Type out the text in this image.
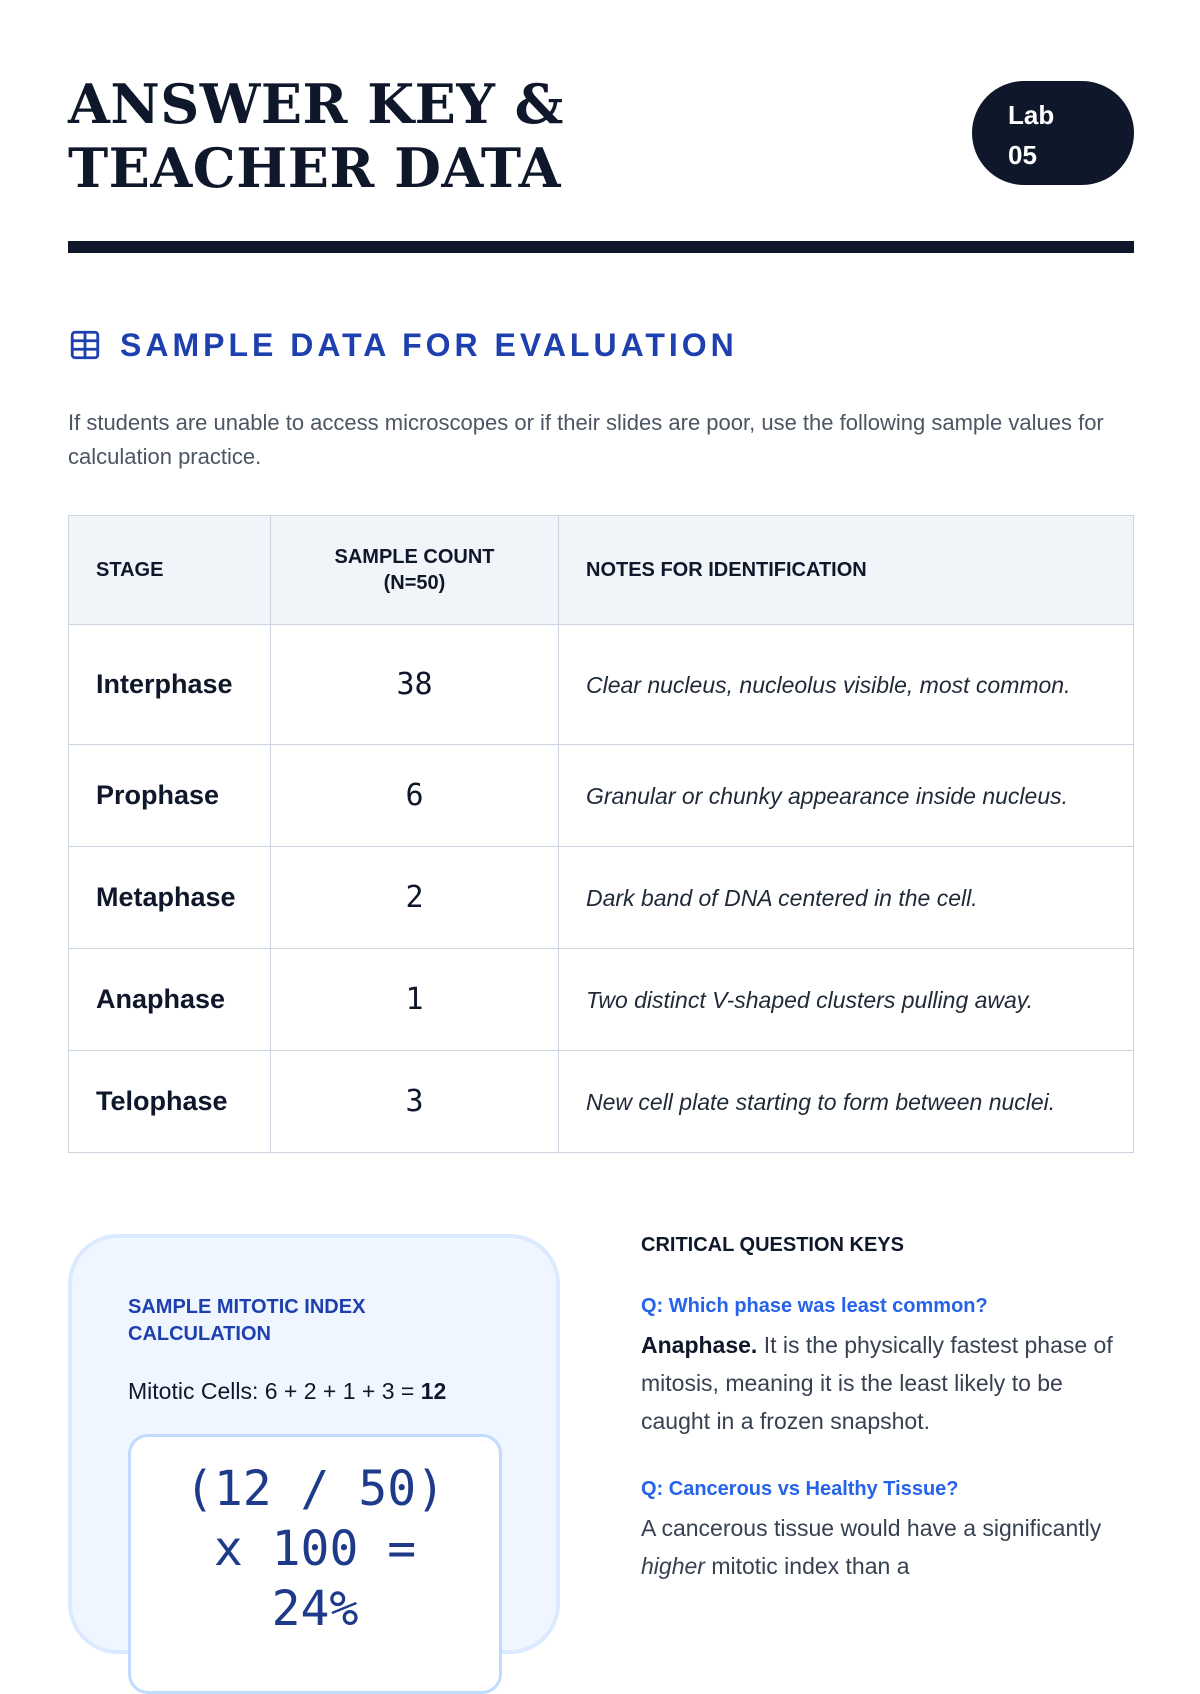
ANSWER KEY & TEACHER DATA
Lab
05
SAMPLE DATA FOR EVALUATION

If students are unable to access microscopes or if their slides are poor, use the following sample values for calculation practice.

STAGE	SAMPLE COUNT (N=50)	NOTES FOR IDENTIFICATION
Interphase	38	Clear nucleus, nucleolus visible, most common.
Prophase	6	Granular or chunky appearance inside nucleus.
Metaphase	2	Dark band of DNA centered in the cell.
Anaphase	1	Two distinct V-shaped clusters pulling away.
Telophase	3	New cell plate starting to form between nuclei.
SAMPLE MITOTIC INDEX CALCULATION
Mitotic Cells: 6 + 2 + 1 + 3 = 12
(12 / 50)
x 100 =
24%
CRITICAL QUESTION KEYS
Q: Which phase was least common?

Anaphase. It is the physically fastest phase of mitosis, meaning it is the least likely to be caught in a frozen snapshot.

Q: Cancerous vs Healthy Tissue?

A cancerous tissue would have a significantly higher mitotic index than a
